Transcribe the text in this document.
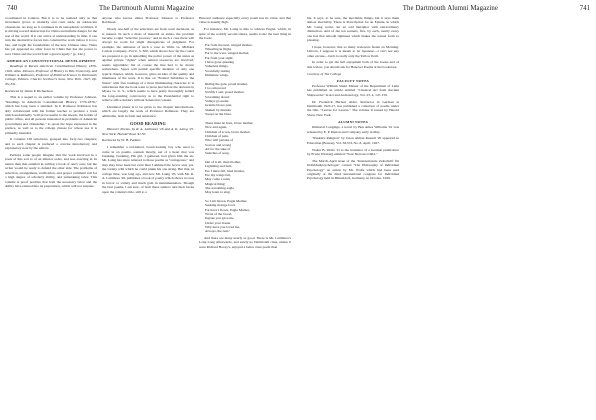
740	The Dartmouth Alumni Magazine

coordinated in Cannon. But it is to be realized only as that movement grows to maturity and casts aside its adolescent obsessions. As long as it continues in its xenophobic activities, it is driving toward destruction for China and infinite danger for the rest of the world. If it can arrive at understanding in time, it can turn the destructive forces into constructive work before it is too late, and begin the foundations of the new Chinese state. There has yet appeared no other force in China that has the power to save China and the world from a great tragedy." (p. 242.)

AMERICAN CONSTITUTIONAL DEVELOPMENT

Readings in Recent American Constitutional History, 1876-1926. Allen Johnson, Professor of History in Yale University, and William A. Robinson, Professor of Political Science in Dartmouth College, Editors. Charles Scribner's Sons, New York. 1927. Pp. XV, 811.

Reviewed by James P. Richardson

This is a sequel to an earlier volume by Professor Johnson, "Readings in American Constitutional History, 1776-1876," which has long been a standard. In it Professor Robinson has ably collaborated with his former teacher to produce a book which undoubtedly "will prove useful to the lawyer, the holder of public office, and all persons interested in problems of American government and citizenship," to quote the hope expressed in the preface, as well as to the college classes for whose use it is primarily intended.

It contains 136 selections, grouped into forty-two chapters; and to each chapter is prefaced a concise introductory and explanatory note by the editors.

Perhaps some people imagine that the work involved in a book of this sort is of an inferior order, and less exacting in its nature than that entailed in writing a book of one's own; but the writer would be ready to defend the other side. The problems of selection, arrangement, verification, and proper comment call for a high degree of scholarly ability, and painstaking labor. This volume is proof positive that both the necessary labor and the ability have entered into its preparation, which will not surprise

anyone who knows either Professor Johnson or Professor Robinson.

Nearly one-half of the selections are from court decisions, as is natural. In such a mass of material as exists, the problem became a rigid "selective process," and in such a case there will always be room for slight divergencies of judgment. For example, the omission of such a case as Walls vs. Midland Carbon Company, 254 U. S. 300, which shows how far the courts are prepared to go in upholding the police power of the states as against private "rights" when natural resources are involved, seems regrettable; but of course the line had to be drawn somewhere. Space will permit specific mention of only one typical chapter, which, however, gives an idea of the quality and timeliness of the work. It is that on "Federal Subsidies to the States" with five readings of a most illuminating character. It is unfortunate that the book went to press just before the decision in Myers vs. U. S., which seems to have pretty thoroughly settled the long-standing controversy as to the Presidential right to remove office-holders without Senatorial consent.

Unstinted praise is to be given to the chapter introductions, which are largely the work of Professor Robinson. They are admirable, both in form and substance.

GOOD READING

Hanover Poems, by R. A. Lattimore '26 and A. K. Laing '25. New York: Harold Vinal. $1.50.

Reviewed by W. B. Perkins

I remember a red-haired, bored-looking boy who used to come in on poems, sonnets mostly, out of a heart that was breaking, breaking. His girl, I gathered, had given him the air. Mr. Laing has since referred to those poems as "outrageous," and they may have been but even then I admired the fervor and, yes, the variety with which he could plunk his one string. But that, in college time, was long ago, and now Mr. Laing '25, with Mr. R. A. Lattimore '26, publishes a book of poetry which shows no loss in fervor or variety and much gain in instrumentation. Though the best poems, I am sure, of both these authors turn their backs upon the volume's title, still to a

Hanover audience especially every poem has its value, and that value is usually high.

For instance, Mr. Laing is able to achieve Euglet, which, in spite of the wobbly second stanza, seems to me the best thing in the book:

Far from the nest, winged mother,

Wheeling in flight,

Far to the west, winged mother,

Far from your sight;

I have gone questing

Valueless things,

Scornfully testing

Immature wings.

Riding the gale, proud mother,

I too am proud

Swiftly I sail, proud mother,

Screaming aloud;

Valleys go under,

Granite blows past,

Shaken by thunder

Swept on the blast.

There must be born, brave mother,

Now and again,

Children of scorn, brave mother,

Children of pain,

Who will partake of

Sorrow and wrong

All for the sake of

Snatches of song.

Out of it all, tired mother,

Lightning and hail,

Ere I must fall, tired mother,

Ere my wings fail,

May come a rend,

Magical thing;

The screaming eagle

May learn to sing.

So I am blown, Eagle Mother,

Seeking strange food,

Far have I flown, Eagle Mother,

Worst of the brood,

Ingrate you gave me

Under your breast.

Why have you loved me,

Always, the best?

And there are many nearly as good. There is Mr. Lattimore's Long Long Afterwards, and surely no Dartmouth class, unless it were Richard Hovey's, enjoyed a better class poem than

The Dartmouth Alumni Magazine	741

his. It says, to be sure, the inevitable things, but it says them almost inevitably. There is Prescription for an Epistle, in which Mr. Laing works out an odd metaphor with extraordinary distinction. And of the ten sonnets, five, by each, nearly every one has that smooth tightness which makes the sonnet form so pleasing.

I hope, however, that so many reviewers fasten on Morning, Unborn. I suppose it is meant to be Japanese—I can't see any other excuse—but it is really only the Yellow Peril.

In order to get the full enjoyment both of the books and of this review, you should ask for Hanover Poems at the bookstore.

Courtesy of The College

FACULTY NOTES

Professor William Stuart Messer of the Department of Latin has published an article entitled "Classical Art from Ancient Shipwrecks" in Art and Archaeology, Vol. 23, 4, 147-159.

Dr. Frederick Herbert Alder, Instructor in German at Dartmouth 1924-17, has published a collection of poems under the title, "Leaves for Leaves." The volume is issued by Harold Vinal, New York.

ALUMNI NOTES

Immortal Longings, a novel by Ben Ames Williams '10 was released by E. P. Dutton and Company early in May.

"Ruskin's Religion" by Jason Almon Russell '20 appeared in Education (Boston), Vol. XLVII, No. 8, April, 1927.

Walter B. Wolfe '21 is the translator of a German publication by Erwin Wexberg entitled "Your Nervous Child."

The March-April issue of the "Internationale Zeitschrift für Individualpsychologie" carried "The Philosophy of Individual Psychology" an article by Mr. Wolfe which had been read originally at the third international congress for Individual Psychology held in Düsseldorf, Germany, in October, 1926.
